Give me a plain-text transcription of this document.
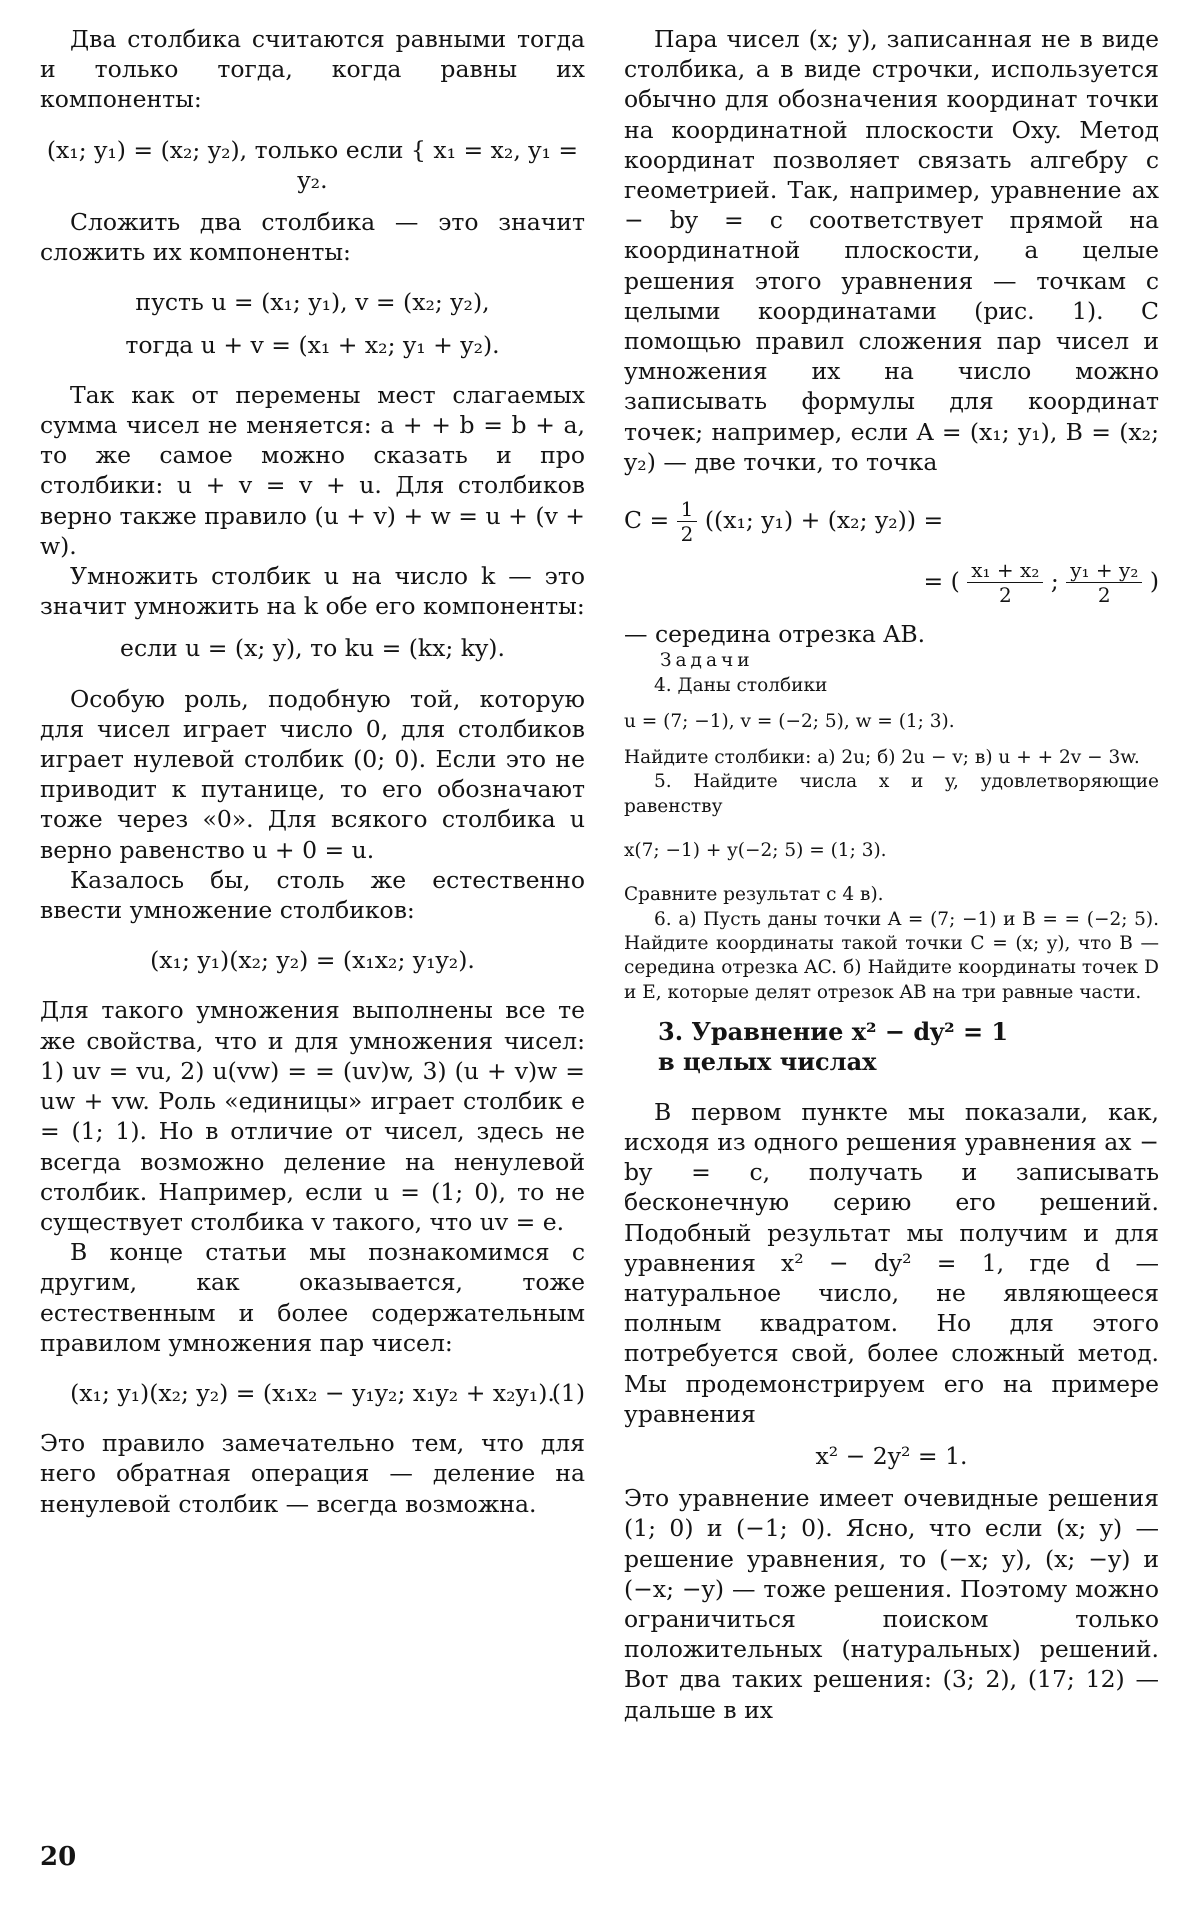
Два столбика считаются равными тогда и только тогда, когда равны их компоненты:

(x₁; y₁) = (x₂; y₂), только если { x₁ = x₂, y₁ = y₂.

Сложить два столбика — это значит сложить их компоненты:

пусть u = (x₁; y₁), v = (x₂; y₂),

тогда u + v = (x₁ + x₂; y₁ + y₂).

Так как от перемены мест слагаемых сумма чисел не меняется: a + + b = b + a, то же самое можно сказать и про столбики: u + v = v + u. Для столбиков верно также правило (u + v) + w = u + (v + w).

Умножить столбик u на число k — это значит умножить на k обе его компоненты:

если u = (x; y), то ku = (kx; ky).

Особую роль, подобную той, которую для чисел играет число 0, для столбиков играет нулевой столбик (0; 0). Если это не приводит к путанице, то его обозначают тоже через «0». Для всякого столбика u верно равенство u + 0 = u.

Казалось бы, столь же естественно ввести умножение столбиков:

(x₁; y₁)(x₂; y₂) = (x₁x₂; y₁y₂).

Для такого умножения выполнены все те же свойства, что и для умножения чисел: 1) uv = vu, 2) u(vw) = = (uv)w, 3) (u + v)w = uw + vw. Роль «единицы» играет столбик e = (1; 1). Но в отличие от чисел, здесь не всегда возможно деление на ненулевой столбик. Например, если u = (1; 0), то не существует столбика v такого, что uv = e.

В конце статьи мы познакомимся с другим, как оказывается, тоже естественным и более содержательным правилом умножения пар чисел:

(x₁; y₁)(x₂; y₂) = (x₁x₂ − y₁y₂; x₁y₂ + x₂y₁).

(1)

Это правило замечательно тем, что для него обратная операция — деление на ненулевой столбик — всегда возможна.

Пара чисел (x; y), записанная не в виде столбика, а в виде строчки, используется обычно для обозначения координат точки на координатной плоскости Oxy. Метод координат позволяет связать алгебру с геометрией. Так, например, уравнение ax − by = c соответствует прямой на координатной плоскости, а целые решения этого уравнения — точкам с целыми координатами (рис. 1). С помощью правил сложения пар чисел и умножения их на число можно записывать формулы для координат точек; например, если A = (x₁; y₁), B = (x₂; y₂) — две точки, то точка

$C = \frac{1}{2} ((x_1$; y₁) + (x₂; y₂)) =

= ( $\frac{\text{x₁ + x₂}}{2}$ ; $\frac{\text{y₁ + y₂}}{2}$ )

— середина отрезка AB.

Задачи

4. Даны столбики

u = (7; −1), v = (−2; 5), w = (1; 3).

Найдите столбики: а) 2u; б) 2u − v; в) u + + 2v − 3w.

5. Найдите числа x и y, удовлетворяющие равенству

x(7; −1) + y(−2; 5) = (1; 3).

Сравните результат с 4 в).

6. а) Пусть даны точки A = (7; −1) и B = = (−2; 5). Найдите координаты такой точки C = (x; y), что B — середина отрезка AC. б) Найдите координаты точек D и E, которые делят отрезок AB на три равные части.

3. Уравнение x² − dy² = 1

в целых числах

В первом пункте мы показали, как, исходя из одного решения уравнения ax − by = c, получать и записывать бесконечную серию его решений. Подобный результат мы получим и для уравнения x² − dy² = 1, где d — натуральное число, не являющееся полным квадратом. Но для этого потребуется свой, более сложный метод. Мы продемонстрируем его на примере уравнения

x² − 2y² = 1.

Это уравнение имеет очевидные решения (1; 0) и (−1; 0). Ясно, что если (x; y) — решение уравнения, то (−x; y), (x; −y) и (−x; −y) — тоже решения. Поэтому можно ограничиться поиском только положительных (натуральных) решений. Вот два таких решения: (3; 2), (17; 12) — дальше в их

20
